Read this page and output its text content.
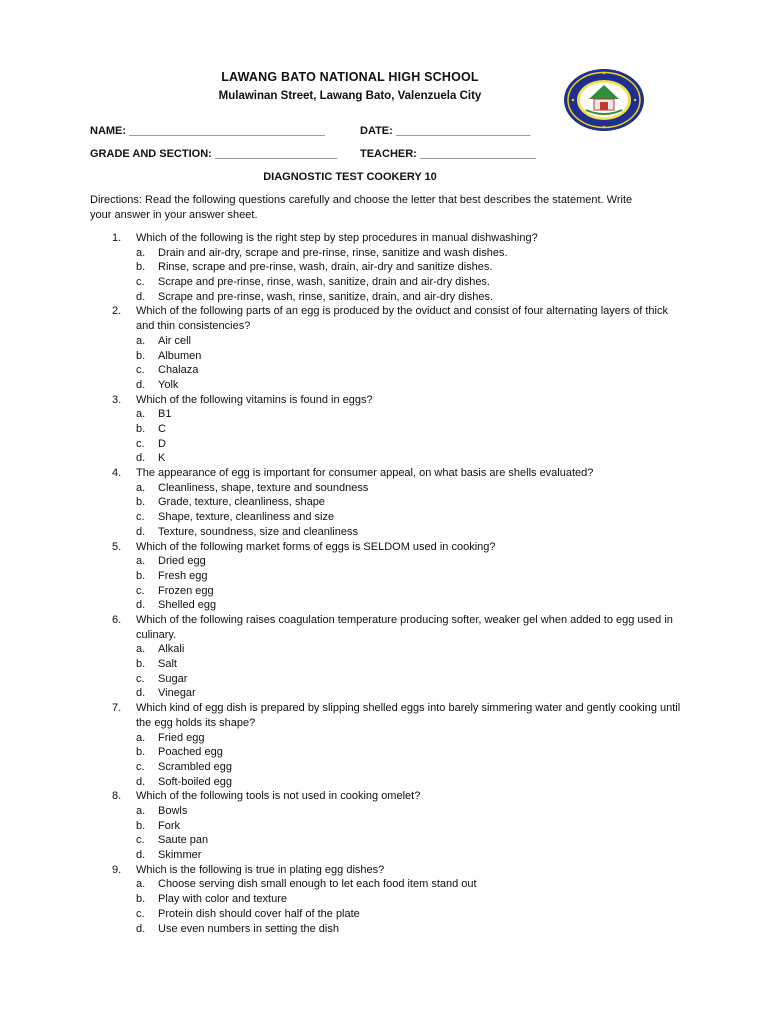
LAWANG BATO NATIONAL HIGH SCHOOL
Mulawinan Street, Lawang Bato, Valenzuela City
NAME: ________________________________	DATE: ______________________
GRADE AND SECTION: ____________________ TEACHER: ___________________
DIAGNOSTIC TEST COOKERY 10
Directions: Read the following questions carefully and choose the letter that best describes the statement. Write your answer in your answer sheet.
1.	Which of the following is the right step by step procedures in manual dishwashing?
a. Drain and air-dry, scrape and pre-rinse, rinse, sanitize and wash dishes.
b. Rinse, scrape and pre-rinse, wash, drain, air-dry and sanitize dishes.
c. Scrape and pre-rinse, rinse, wash, sanitize, drain and air-dry dishes.
d. Scrape and pre-rinse, wash, rinse, sanitize, drain, and air-dry dishes.
2.	Which of the following parts of an egg is produced by the oviduct and consist of four alternating layers of thick and thin consistencies?
a. Air cell
b. Albumen
c. Chalaza
d. Yolk
3.	Which of the following vitamins is found in eggs?
a. B1
b. C
c. D
d. K
4.	The appearance of egg is important for consumer appeal, on what basis are shells evaluated?
a. Cleanliness, shape, texture and soundness
b. Grade, texture, cleanliness, shape
c. Shape, texture, cleanliness and size
d. Texture, soundness, size and cleanliness
5.	Which of the following market forms of eggs is SELDOM used in cooking?
a. Dried egg
b. Fresh egg
c. Frozen egg
d. Shelled egg
6.	Which of the following raises coagulation temperature producing softer, weaker gel when added to egg used in culinary.
a. Alkali
b. Salt
c. Sugar
d. Vinegar
7.	Which kind of egg dish is prepared by slipping shelled eggs into barely simmering water and gently cooking until the egg holds its shape?
a. Fried egg
b. Poached egg
c. Scrambled egg
d. Soft-boiled egg
8.	Which of the following tools is not used in cooking omelet?
a. Bowls
b. Fork
c. Saute pan
d. Skimmer
9.	Which is the following is true in plating egg dishes?
a. Choose serving dish small enough to let each food item stand out
b. Play with color and texture
c. Protein dish should cover half of the plate
d. Use even numbers in setting the dish
